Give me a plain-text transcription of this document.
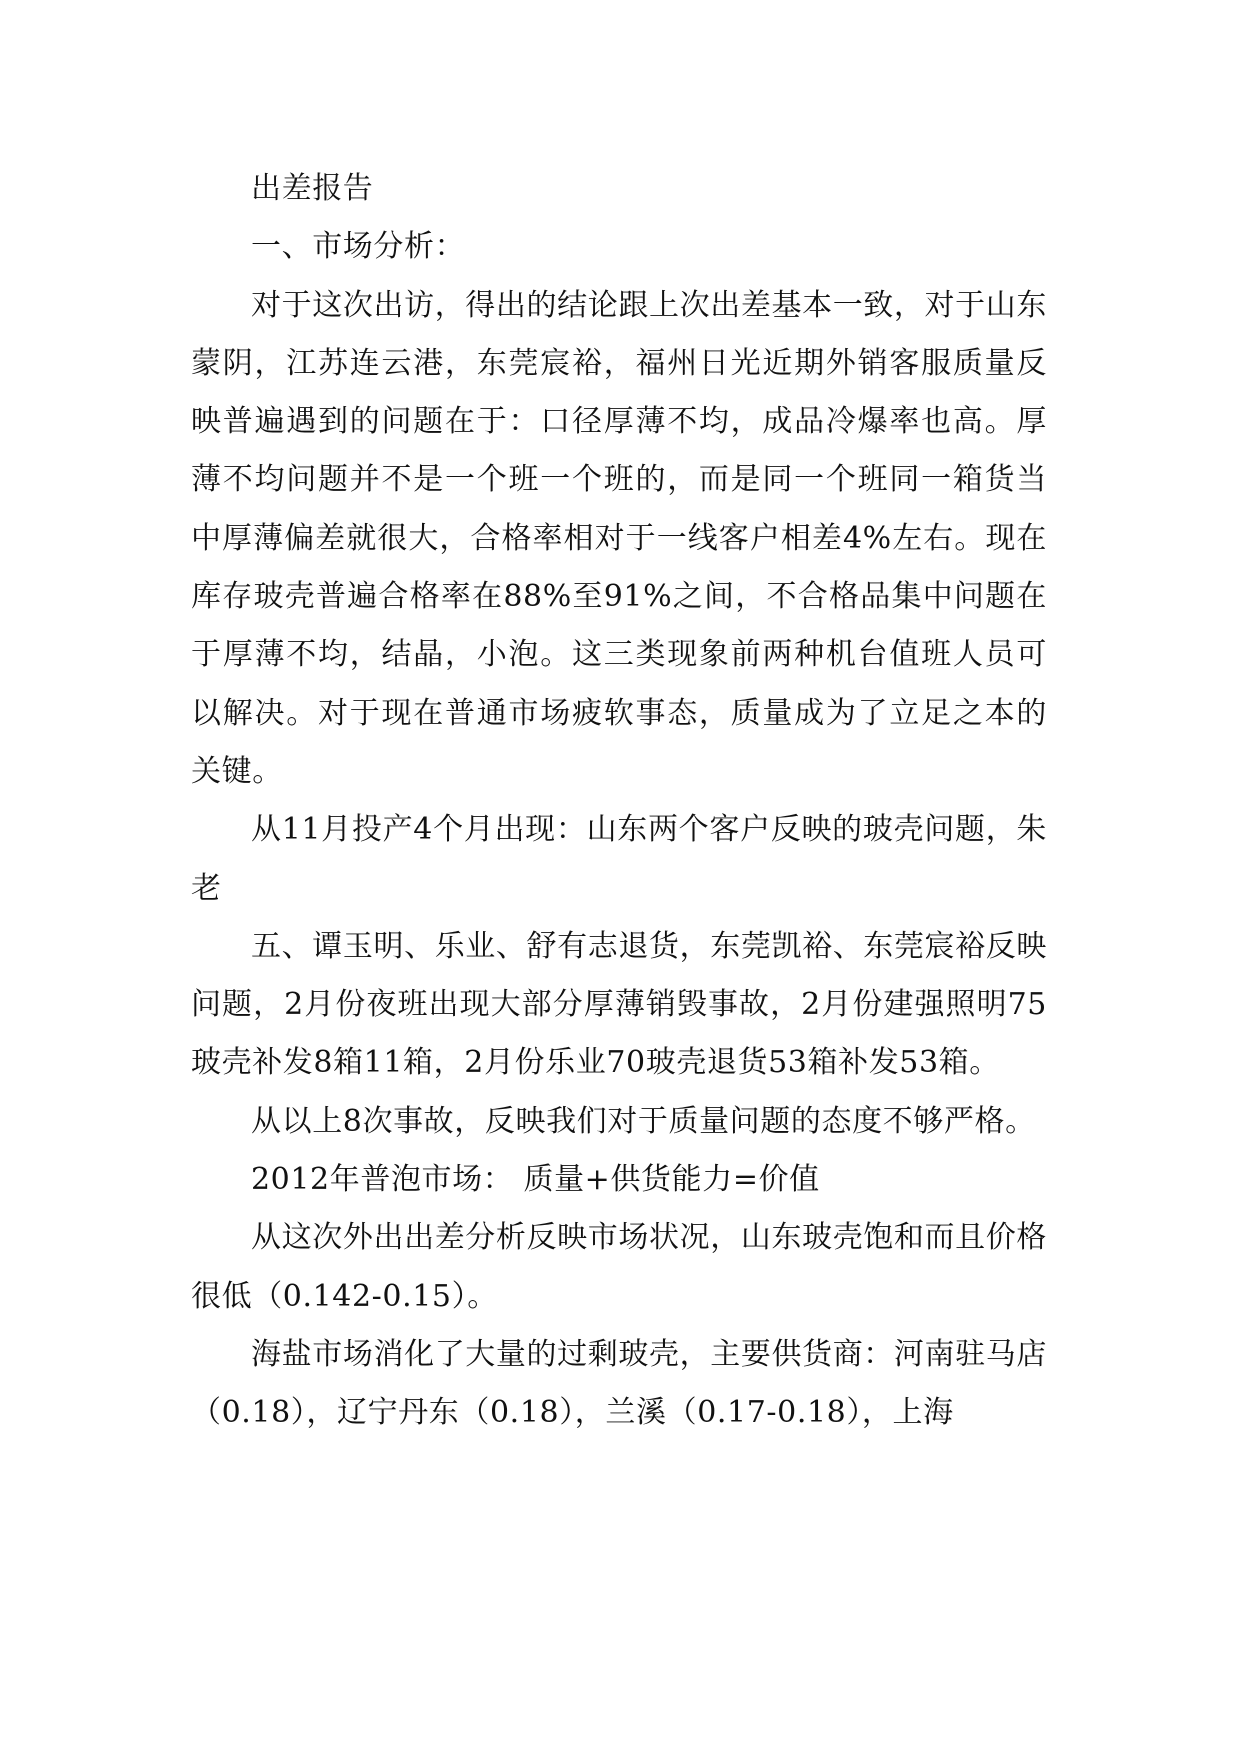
出差报告

一、市场分析：

对于这次出访，得出的结论跟上次出差基本一致，对于山东蒙阴，江苏连云港，东莞宸裕，福州日光近期外销客服质量反映普遍遇到的问题在于：口径厚薄不均，成品冷爆率也高。厚薄不均问题并不是一个班一个班的，而是同一个班同一箱货当中厚薄偏差就很大，合格率相对于一线客户相差4%左右。现在库存玻壳普遍合格率在88%至91%之间，不合格品集中问题在于厚薄不均，结晶，小泡。这三类现象前两种机台值班人员可以解决。对于现在普通市场疲软事态，质量成为了立足之本的关键。

从11月投产4个月出现：山东两个客户反映的玻壳问题，朱老

五、谭玉明、乐业、舒有志退货，东莞凯裕、东莞宸裕反映问题，2月份夜班出现大部分厚薄销毁事故，2月份建强照明75玻壳补发8箱11箱，2月份乐业70玻壳退货53箱补发53箱。

从以上8次事故，反映我们对于质量问题的态度不够严格。

2012年普泡市场： 质量+供货能力=价值

从这次外出出差分析反映市场状况，山东玻壳饱和而且价格很低（0.142-0.15）。

海盐市场消化了大量的过剩玻壳，主要供货商：河南驻马店（0.18），辽宁丹东（0.18），兰溪（0.17-0.18），上海
